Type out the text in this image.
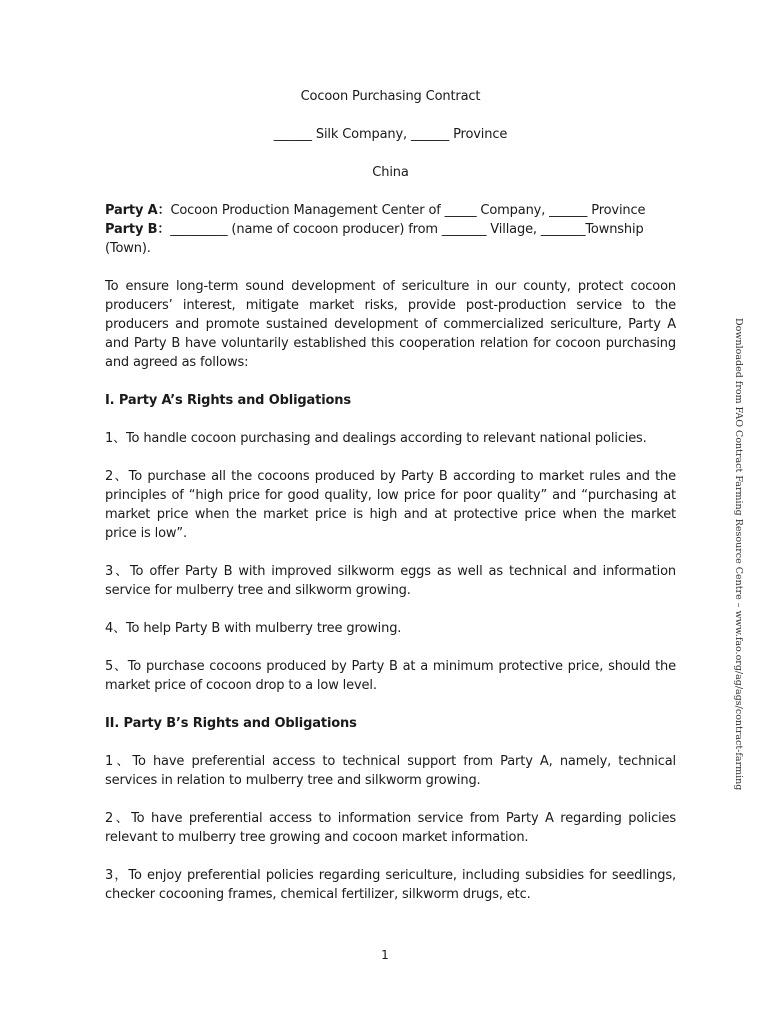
Cocoon Purchasing Contract

______ Silk Company, ______ Province

China

Party A：Cocoon Production Management Center of _____ Company, ______ Province
Party B：_________ (name of cocoon producer) from _______ Village, _______Township (Town).

To ensure long-term sound development of sericulture in our county, protect cocoon producers’ interest, mitigate market risks, provide post-production service to the producers and promote sustained development of commercialized sericulture, Party A and Party B have voluntarily established this cooperation relation for cocoon purchasing and agreed as follows:

I. Party A’s Rights and Obligations

1、To handle cocoon purchasing and dealings according to relevant national policies.

2、To purchase all the cocoons produced by Party B according to market rules and the principles of “high price for good quality, low price for poor quality” and “purchasing at market price when the market price is high and at protective price when the market price is low”.

3、To offer Party B with improved silkworm eggs as well as technical and information service for mulberry tree and silkworm growing.

4、To help Party B with mulberry tree growing.

5、To purchase cocoons produced by Party B at a minimum protective price, should the market price of cocoon drop to a low level.

II. Party B’s Rights and Obligations

1、To have preferential access to technical support from Party A, namely, technical services in relation to mulberry tree and silkworm growing.

2、To have preferential access to information service from Party A regarding policies relevant to mulberry tree growing and cocoon market information.

3，To enjoy preferential policies regarding sericulture, including subsidies for seedlings, checker cocooning frames, chemical fertilizer, silkworm drugs, etc.

Downloaded from FAO Contract Farming Resource Centre – www.fao.org/ag/ags/contract-farming
1
